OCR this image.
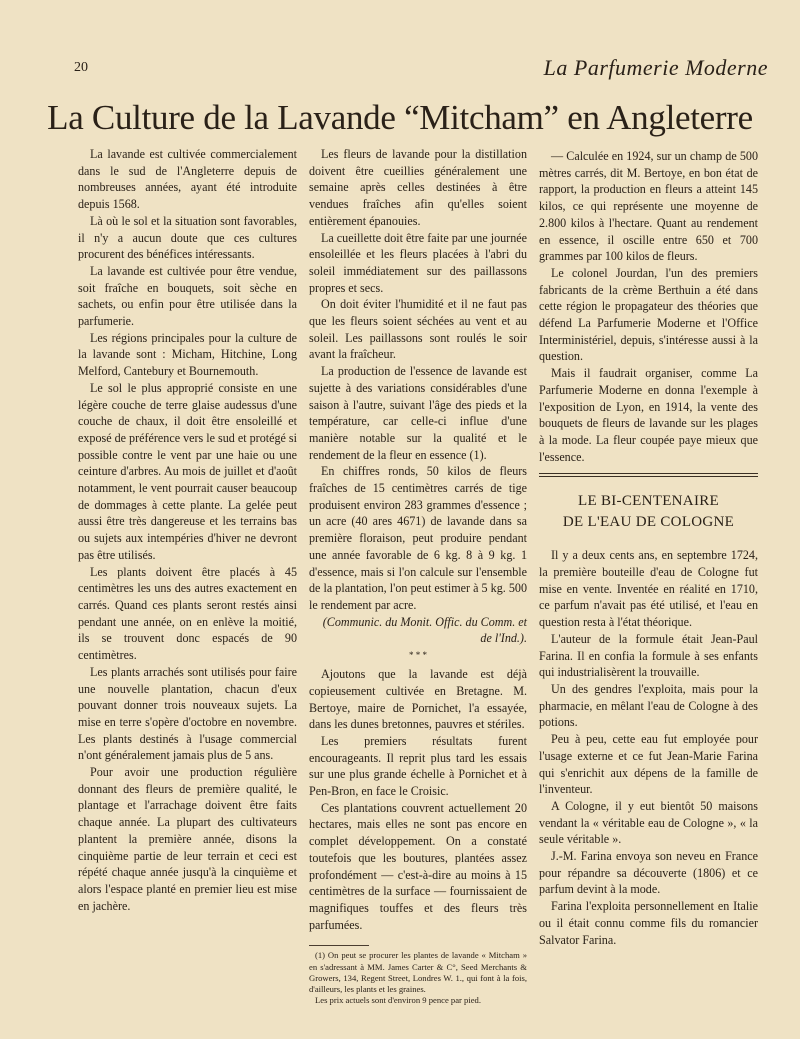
20	La Parfumerie Moderne
La Culture de la Lavande “Mitcham” en Angleterre

La lavande est cultivée commercialement dans le sud de l'Angleterre depuis de nombreuses années, ayant été introduite depuis 1568.

Là où le sol et la situation sont favorables, il n'y a aucun doute que ces cultures procurent des bénéfices intéressants.

La lavande est cultivée pour être vendue, soit fraîche en bouquets, soit sèche en sachets, ou enfin pour être utilisée dans la parfumerie.

Les régions principales pour la culture de la lavande sont : Micham, Hitchine, Long Melford, Cantebury et Bournemouth.

Le sol le plus approprié consiste en une légère couche de terre glaise audessus d'une couche de chaux, il doit être ensoleillé et exposé de préférence vers le sud et protégé si possible contre le vent par une haie ou une ceinture d'arbres. Au mois de juillet et d'août notamment, le vent pourrait causer beaucoup de dommages à cette plante. La gelée peut aussi être très dangereuse et les terrains bas ou sujets aux intempéries d'hiver ne devront pas être utilisés.

Les plants doivent être placés à 45 centimètres les uns des autres exactement en carrés. Quand ces plants seront restés ainsi pendant une année, on en enlève la moitié, ils se trouvent donc espacés de 90 centimètres.

Les plants arrachés sont utilisés pour faire une nouvelle plantation, chacun d'eux pouvant donner trois nouveaux sujets. La mise en terre s'opère d'octobre en novembre. Les plants destinés à l'usage commercial n'ont généralement jamais plus de 5 ans.

Pour avoir une production régulière donnant des fleurs de première qualité, le plantage et l'arrachage doivent être faits chaque année. La plupart des cultivateurs plantent la première année, disons la cinquième partie de leur terrain et ceci est répété chaque année jusqu'à la cinquième et alors l'espace planté en premier lieu est mise en jachère.

Les fleurs de lavande pour la distillation doivent être cueillies généralement une semaine après celles destinées à être vendues fraîches afin qu'elles soient entièrement épanouies.

La cueillette doit être faite par une journée ensoleillée et les fleurs placées à l'abri du soleil immédiatement sur des paillassons propres et secs.

On doit éviter l'humidité et il ne faut pas que les fleurs soient séchées au vent et au soleil. Les paillassons sont roulés le soir avant la fraîcheur.

La production de l'essence de lavande est sujette à des variations considérables d'une saison à l'autre, suivant l'âge des pieds et la température, car celle-ci influe d'une manière notable sur la qualité et le rendement de la fleur en essence (1).

En chiffres ronds, 50 kilos de fleurs fraîches de 15 centimètres carrés de tige produisent environ 283 grammes d'essence ; un acre (40 ares 4671) de lavande dans sa première floraison, peut produire pendant une année favorable de 6 kg. 8 à 9 kg. 1 d'essence, mais si l'on calcule sur l'ensemble de la plantation, l'on peut estimer à 5 kg. 500 le rendement par acre.

(Communic. du Monit. Offic. du Comm. et de l'Ind.).

* * *

Ajoutons que la lavande est déjà copieusement cultivée en Bretagne. M. Bertoye, maire de Pornichet, l'a essayée, dans les dunes bretonnes, pauvres et stériles.

Les premiers résultats furent encourageants. Il reprit plus tard les essais sur une plus grande échelle à Pornichet et à Pen-Bron, en face le Croisic.

Ces plantations couvrent actuellement 20 hectares, mais elles ne sont pas encore en complet développement. On a constaté toutefois que les boutures, plantées assez profondément — c'est-à-dire au moins à 15 centimètres de la surface — fournissaient de magnifiques touffes et des fleurs très parfumées.

(1) On peut se procurer les plantes de lavande « Mitcham » en s'adressant à MM. James Carter & C°, Seed Merchants & Growers, 134, Regent Street, Londres W. 1., qui font à la fois, d'ailleurs, les plants et les graines.

Les prix actuels sont d'environ 9 pence par pied.

— Calculée en 1924, sur un champ de 500 mètres carrés, dit M. Bertoye, en bon état de rapport, la production en fleurs a atteint 145 kilos, ce qui représente une moyenne de 2.800 kilos à l'hectare. Quant au rendement en essence, il oscille entre 650 et 700 grammes par 100 kilos de fleurs.

Le colonel Jourdan, l'un des premiers fabricants de la crème Berthuin a été dans cette région le propagateur des théories que défend La Parfumerie Moderne et l'Office Interministériel, depuis, s'intéresse aussi à la question.

Mais il faudrait organiser, comme La Parfumerie Moderne en donna l'exemple à l'exposition de Lyon, en 1914, la vente des bouquets de fleurs de lavande sur les plages à la mode. La fleur coupée paye mieux que l'essence.

LE BI-CENTENAIRE
DE L'EAU DE COLOGNE

Il y a deux cents ans, en septembre 1724, la première bouteille d'eau de Cologne fut mise en vente. Inventée en réalité en 1710, ce parfum n'avait pas été utilisé, et l'eau en question resta à l'état théorique.

L'auteur de la formule était Jean-Paul Farina. Il en confia la formule à ses enfants qui industrialisèrent la trouvaille.

Un des gendres l'exploita, mais pour la pharmacie, en mêlant l'eau de Cologne à des potions.

Peu à peu, cette eau fut employée pour l'usage externe et ce fut Jean-Marie Farina qui s'enrichit aux dépens de la famille de l'inventeur.

A Cologne, il y eut bientôt 50 maisons vendant la « véritable eau de Cologne », « la seule véritable ».

J.-M. Farina envoya son neveu en France pour répandre sa découverte (1806) et ce parfum devint à la mode.

Farina l'exploita personnellement en Italie ou il était connu comme fils du romancier Salvator Farina.
